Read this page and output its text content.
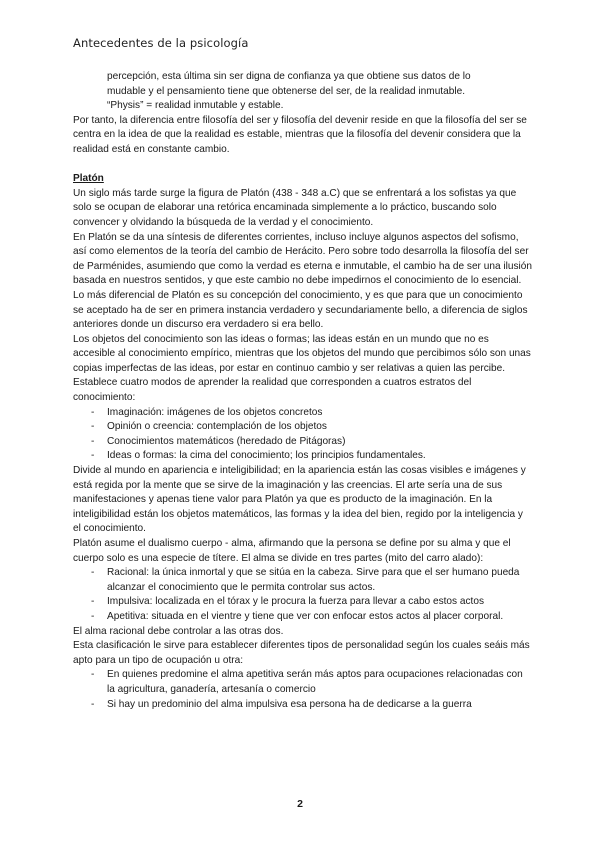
Antecedentes de la psicología
percepción, esta última sin ser digna de confianza ya que obtiene sus datos de lo
mudable y el pensamiento tiene que obtenerse del ser, de la realidad inmutable.
“Physis” = realidad inmutable y estable.

Por tanto, la diferencia entre filosofía del ser y filosofía del devenir reside en que la filosofía del ser se centra en la idea de que la realidad es estable, mientras que la filosofía del devenir considera que la realidad está en constante cambio.

Platón

Un siglo más tarde surge la figura de Platón (438 - 348 a.C) que se enfrentará a los sofistas ya que solo se ocupan de elaborar una retórica encaminada simplemente a lo práctico, buscando solo convencer y olvidando la búsqueda de la verdad y el conocimiento.

En Platón se da una síntesis de diferentes corrientes, incluso incluye algunos aspectos del sofismo, así como elementos de la teoría del cambio de Herácito. Pero sobre todo desarrolla la filosofía del ser de Parménides, asumiendo que como la verdad es eterna e inmutable, el cambio ha de ser una ilusión basada en nuestros sentidos, y que este cambio no debe impedirnos el conocimiento de lo esencial.

Lo más diferencial de Platón es su concepción del conocimiento, y es que para que un conocimiento se aceptado ha de ser en primera instancia verdadero y secundariamente bello, a diferencia de siglos anteriores donde un discurso era verdadero si era bello.

Los objetos del conocimiento son las ideas o formas; las ideas están en un mundo que no es accesible al conocimiento empírico, mientras que los objetos del mundo que percibimos sólo son unas copias imperfectas de las ideas, por estar en continuo cambio y ser relativas a quien las percibe.

Establece cuatro modos de aprender la realidad que corresponden a cuatros estratos del conocimiento:

- Imaginación: imágenes de los objetos concretos
- Opinión o creencia: contemplación de los objetos
- Conocimientos matemáticos (heredado de Pitágoras)
- Ideas o formas: la cima del conocimiento; los principios fundamentales.

Divide al mundo en apariencia e inteligibilidad; en la apariencia están las cosas visibles e imágenes y está regida por la mente que se sirve de la imaginación y las creencias. El arte sería una de sus manifestaciones y apenas tiene valor para Platón ya que es producto de la imaginación. En la inteligibilidad están los objetos matemáticos, las formas y la idea del bien, regido por la inteligencia y el conocimiento.

Platón asume el dualismo cuerpo - alma, afirmando que la persona se define por su alma y que el cuerpo solo es una especie de títere. El alma se divide en tres partes (mito del carro alado):

- Racional: la única inmortal y que se sitúa en la cabeza. Sirve para que el ser humano pueda alcanzar el conocimiento que le permita controlar sus actos.
- Impulsiva: localizada en el tórax y le procura la fuerza para llevar a cabo estos actos
- Apetitiva: situada en el vientre y tiene que ver con enfocar estos actos al placer corporal.

El alma racional debe controlar a las otras dos.

Esta clasificación le sirve para establecer diferentes tipos de personalidad según los cuales seáis más apto para un tipo de ocupación u otra:

- En quienes predomine el alma apetitiva serán más aptos para ocupaciones relacionadas con la agricultura, ganadería, artesanía o comercio
- Si hay un predominio del alma impulsiva esa persona ha de dedicarse a la guerra
2
